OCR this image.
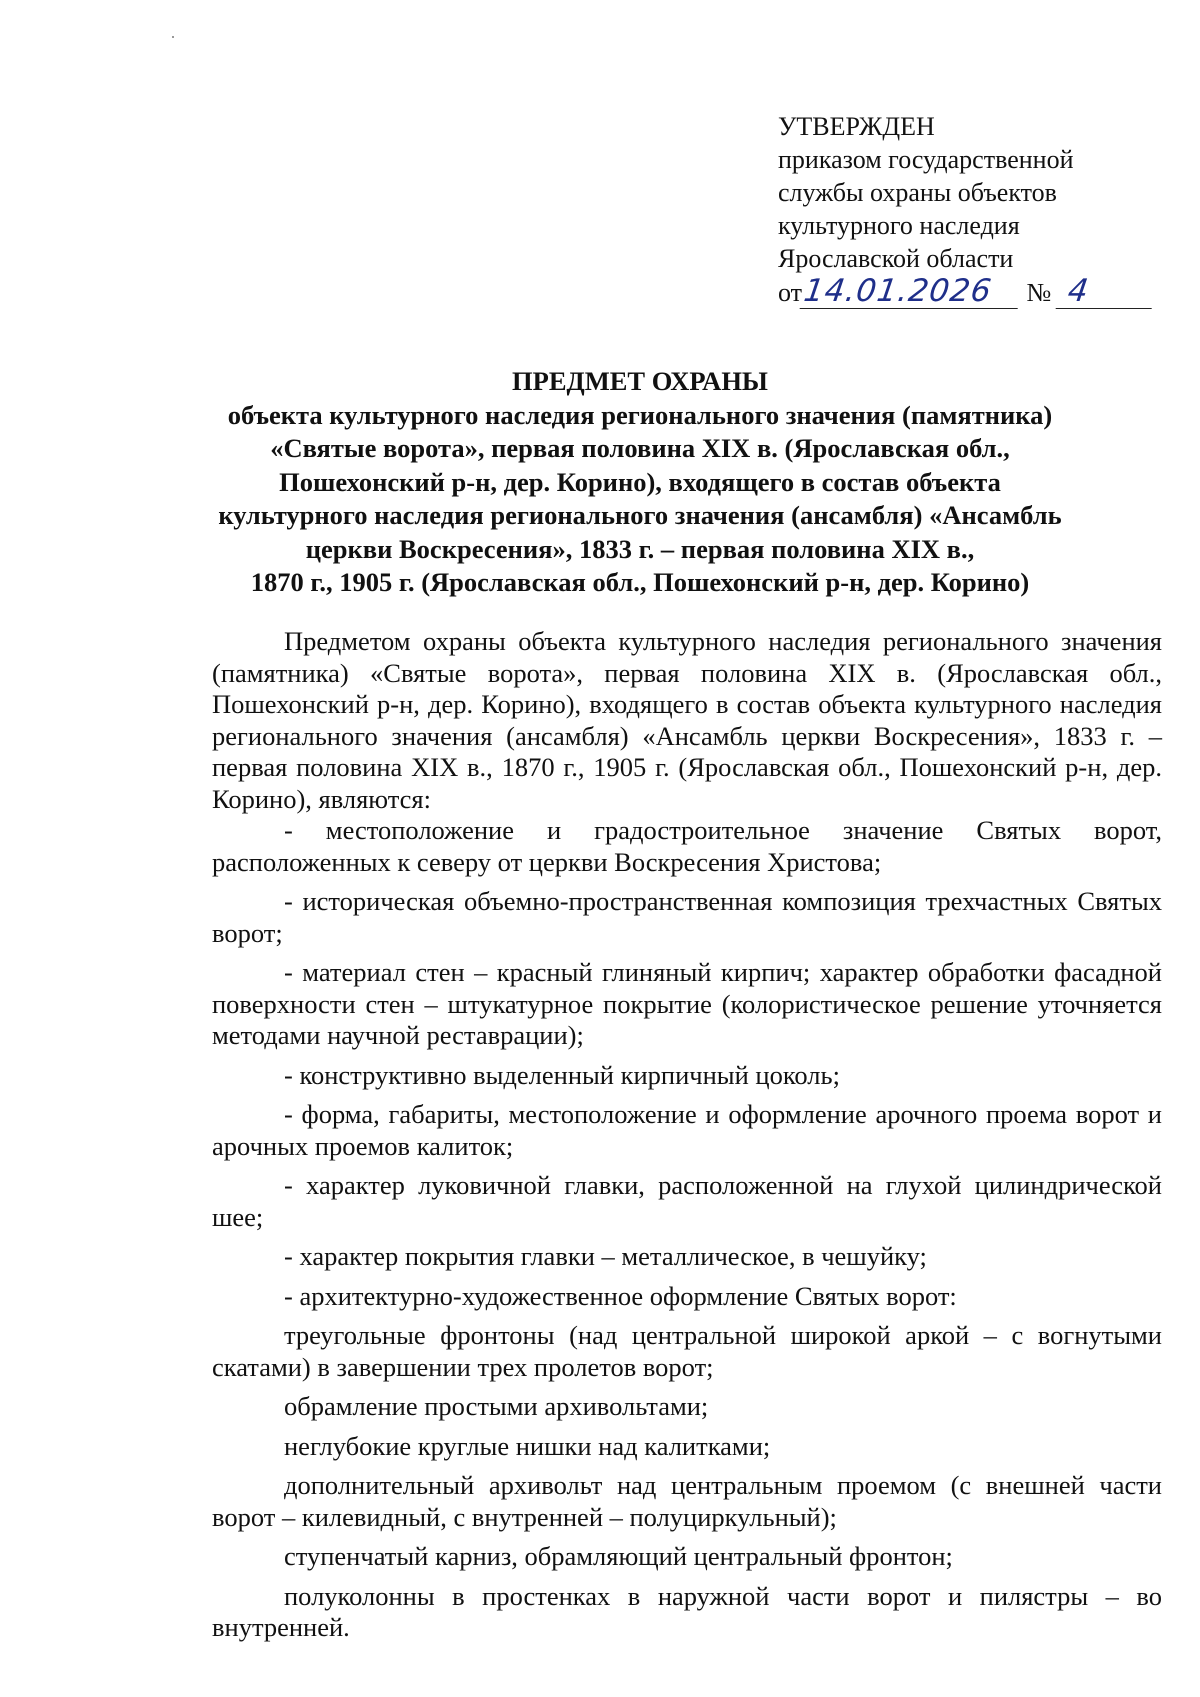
УТВЕРЖДЕН
приказом государственной
службы охраны объектов
культурного наследия
Ярославской области
от14.01.2026 № 4
ПРЕДМЕТ ОХРАНЫ
объекта культурного наследия регионального значения (памятника)
«Святые ворота», первая половина XIX в. (Ярославская обл.,
Пошехонский р-н, дер. Корино), входящего в состав объекта
культурного наследия регионального значения (ансамбля) «Ансамбль
церкви Воскресения», 1833 г. – первая половина XIX в.,
1870 г., 1905 г. (Ярославская обл., Пошехонский р-н, дер. Корино)

Предметом охраны объекта культурного наследия регионального значения (памятника) «Святые ворота», первая половина XIX в. (Ярославская обл., Пошехонский р-н, дер. Корино), входящего в состав объекта культурного наследия регионального значения (ансамбля) «Ансамбль церкви Воскресения», 1833 г. – первая половина XIX в., 1870 г., 1905 г. (Ярославская обл., Пошехонский р-н, дер. Корино), являются:

- местоположение и градостроительное значение Святых ворот, расположенных к северу от церкви Воскресения Христова;

- историческая объемно-пространственная композиция трехчастных Святых ворот;

- материал стен – красный глиняный кирпич; характер обработки фасадной поверхности стен – штукатурное покрытие (колористическое решение уточняется методами научной реставрации);

- конструктивно выделенный кирпичный цоколь;

- форма, габариты, местоположение и оформление арочного проема ворот и арочных проемов калиток;

- характер луковичной главки, расположенной на глухой цилиндрической шее;

- характер покрытия главки – металлическое, в чешуйку;

- архитектурно-художественное оформление Святых ворот:

треугольные фронтоны (над центральной широкой аркой – с вогнутыми скатами) в завершении трех пролетов ворот;

обрамление простыми архивольтами;

неглубокие круглые нишки над калитками;

дополнительный архивольт над центральным проемом (с внешней части ворот – килевидный, с внутренней – полуциркульный);

ступенчатый карниз, обрамляющий центральный фронтон;

полуколонны в простенках в наружной части ворот и пилястры – во внутренней.
